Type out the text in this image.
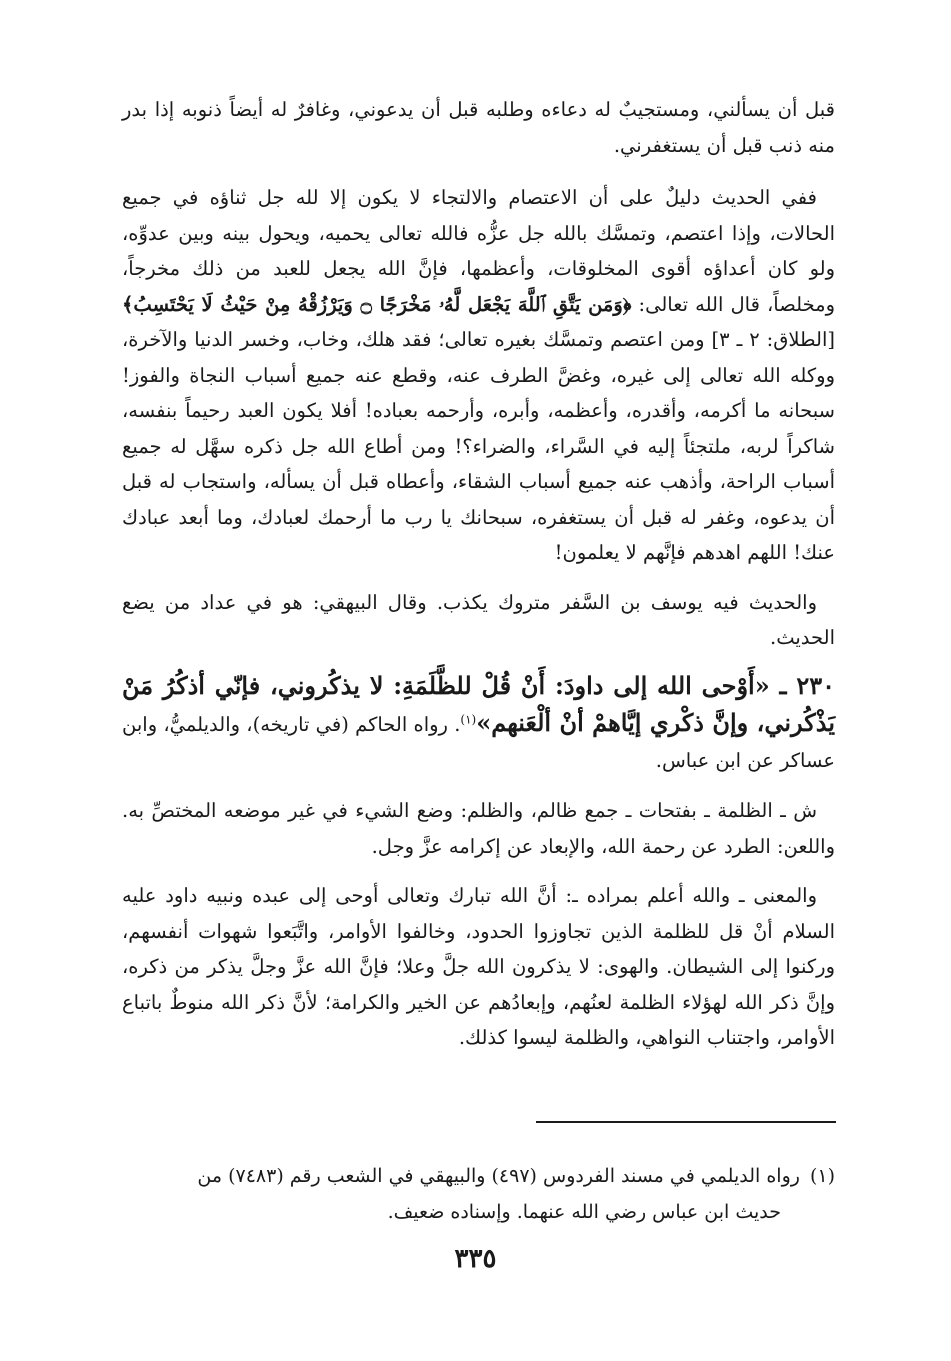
قبل أن يسألني، ومستجيبٌ له دعاءه وطلبه قبل أن يدعوني، وغافرٌ له أيضاً ذنوبه إذا بدر منه ذنب قبل أن يستغفرني.

ففي الحديث دليلٌ على أن الاعتصام والالتجاء لا يكون إلا لله جل ثناؤه في جميع الحالات، وإذا اعتصم، وتمسَّك بالله جل عزُّه فالله تعالى يحميه، ويحول بينه وبين عدوِّه، ولو كان أعداؤه أقوى المخلوقات، وأعظمها، فإنَّ الله يجعل للعبد من ذلك مخرجاً، ومخلصاً، قال الله تعالى: ﴿وَمَن يَتَّقِ ٱللَّهَ يَجْعَل لَّهُۥ مَخْرَجًا ۝ وَيَرْزُقْهُ مِنْ حَيْثُ لَا يَحْتَسِبُ﴾ [الطلاق: ٢ ـ ٣] ومن اعتصم وتمسَّك بغيره تعالى؛ فقد هلك، وخاب، وخسر الدنيا والآخرة، ووكله الله تعالى إلى غيره، وغضَّ الطرف عنه، وقطع عنه جميع أسباب النجاة والفوز! سبحانه ما أكرمه، وأقدره، وأعظمه، وأبره، وأرحمه بعباده! أفلا يكون العبد رحيماً بنفسه، شاكراً لربه، ملتجئاً إليه في السَّراء، والضراء؟! ومن أطاع الله جل ذكره سهَّل له جميع أسباب الراحة، وأذهب عنه جميع أسباب الشقاء، وأعطاه قبل أن يسأله، واستجاب له قبل أن يدعوه، وغفر له قبل أن يستغفره، سبحانك يا رب ما أرحمك لعبادك، وما أبعد عبادك عنك! اللهم اهدهم فإنَّهم لا يعلمون!

والحديث فيه يوسف بن السَّفر متروك يكذب. وقال البيهقي: هو في عداد من يضع الحديث.

٢٣٠ ـ «أَوْحى الله إلى داودَ: أَنْ قُلْ للظَّلَمَةِ: لا يذكُروني، فإنّي أذكُرُ مَنْ يَذْكُرني، وإنَّ ذكْري إيَّاهمْ أنْ ألْعَنهم»$^{(١)}$. رواه الحاكم (في تاريخه)، والديلميُّ، وابن عساكر عن ابن عباس.

ش ـ الظلمة ـ بفتحات ـ جمع ظالم، والظلم: وضع الشيء في غير موضعه المختصِّ به. واللعن: الطرد عن رحمة الله، والإبعاد عن إكرامه عزَّ وجل.

والمعنى ـ والله أعلم بمراده ـ: أنَّ الله تبارك وتعالى أوحى إلى عبده ونبيه داود عليه السلام أنْ قل للظلمة الذين تجاوزوا الحدود، وخالفوا الأوامر، واتَّبَعوا شهوات أنفسهم، وركنوا إلى الشيطان. والهوى: لا يذكرون الله جلَّ وعلا؛ فإنَّ الله عزَّ وجلَّ يذكر من ذكره، وإنَّ ذكر الله لهؤلاء الظلمة لعنُهم، وإبعادُهم عن الخير والكرامة؛ لأنَّ ذكر الله منوطٌ باتباع الأوامر، واجتناب النواهي، والظلمة ليسوا كذلك.

(١)رواه الديلمي في مسند الفردوس (٤٩٧) والبيهقي في الشعب رقم (٧٤٨٣) من
حديث ابن عباس رضي الله عنهما. وإسناده ضعيف.
٣٣٥
